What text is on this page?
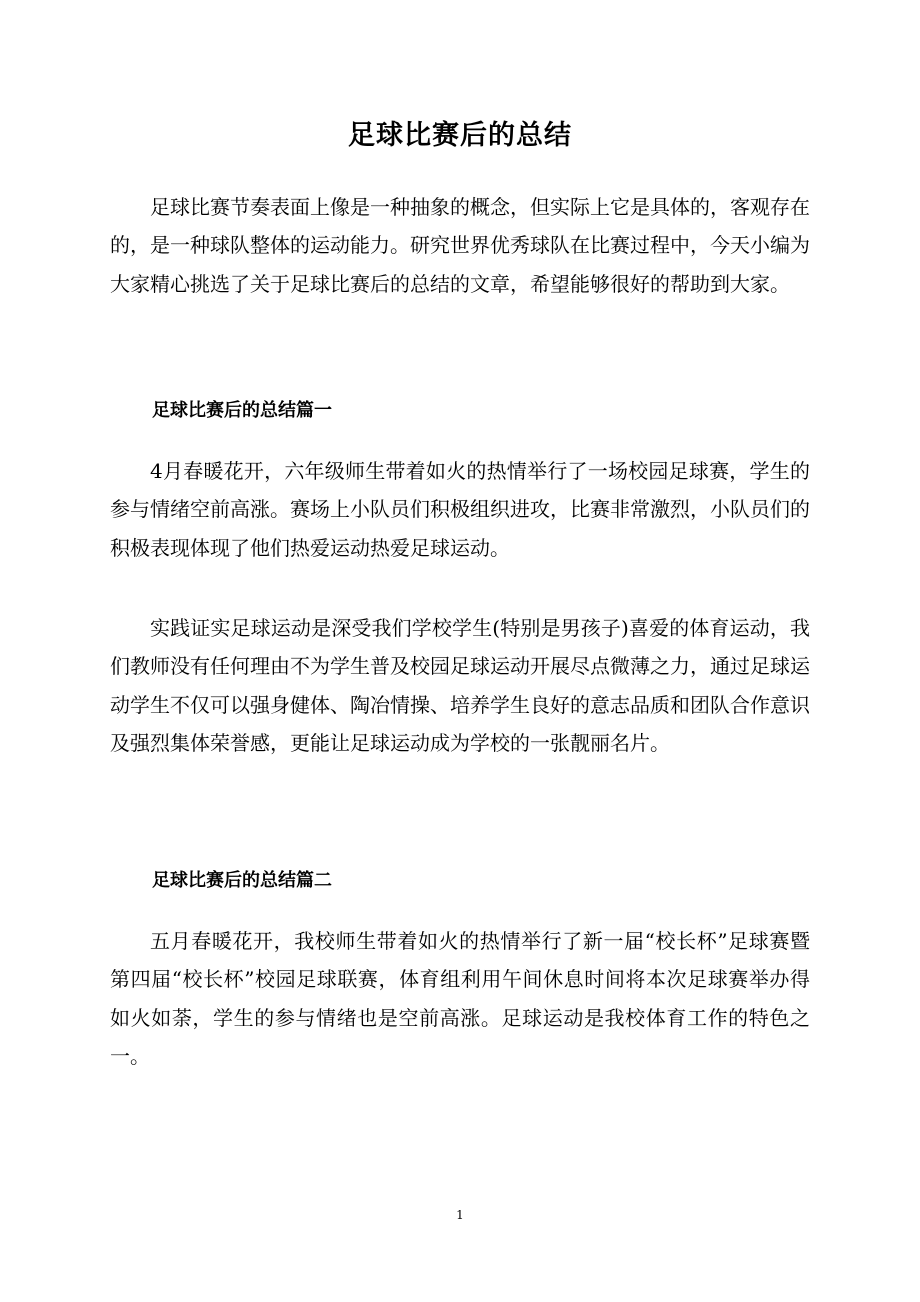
足球比赛后的总结

足球比赛节奏表面上像是一种抽象的概念，但实际上它是具体的，客观存在的，是一种球队整体的运动能力。研究世界优秀球队在比赛过程中，今天小编为大家精心挑选了关于足球比赛后的总结的文章，希望能够很好的帮助到大家。

足球比赛后的总结篇一

4月春暖花开，六年级师生带着如火的热情举行了一场校园足球赛，学生的参与情绪空前高涨。赛场上小队员们积极组织进攻，比赛非常激烈，小队员们的积极表现体现了他们热爱运动热爱足球运动。

实践证实足球运动是深受我们学校学生(特别是男孩子)喜爱的体育运动，我们教师没有任何理由不为学生普及校园足球运动开展尽点微薄之力，通过足球运动学生不仅可以强身健体、陶冶情操、培养学生良好的意志品质和团队合作意识及强烈集体荣誉感，更能让足球运动成为学校的一张靓丽名片。

足球比赛后的总结篇二

五月春暖花开，我校师生带着如火的热情举行了新一届“校长杯”足球赛暨第四届“校长杯”校园足球联赛，体育组利用午间休息时间将本次足球赛举办得如火如荼，学生的参与情绪也是空前高涨。足球运动是我校体育工作的特色之一。

1
